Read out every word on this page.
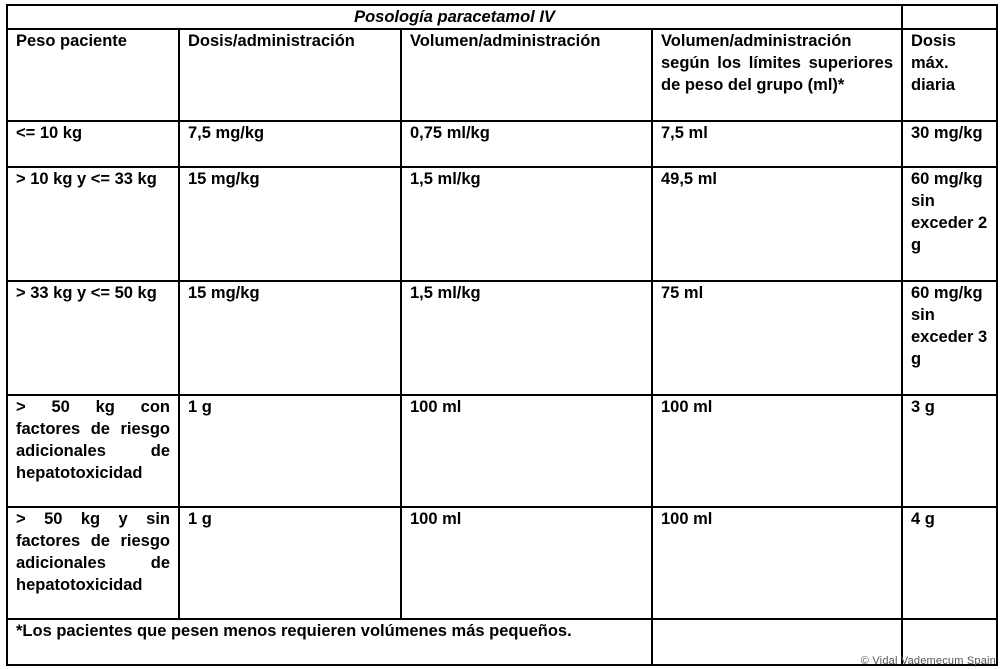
Posología paracetamol IV				
Peso paciente	Dosis/administración	Volumen/administración	Volumen/administración según los límites superiores de peso del grupo (ml)*	Dosis máx. diaria
<= 10 kg	7,5 mg/kg	0,75 ml/kg	7,5 ml	30 mg/kg
> 10 kg y <= 33 kg	15 mg/kg	1,5 ml/kg	49,5 ml	60 mg/kg sin exceder 2 g
> 33 kg y <= 50 kg	15 mg/kg	1,5 ml/kg	75 ml	60 mg/kg sin exceder 3 g
> 50 kg con factores de riesgo adicionales de hepatotoxicidad	1 g	100 ml	100 ml	3 g
> 50 kg y sin factores de riesgo adicionales de hepatotoxicidad	1 g	100 ml	100 ml	4 g
*Los pacientes que pesen menos requieren volúmenes más pequeños.				
© Vidal Vademecum Spain
